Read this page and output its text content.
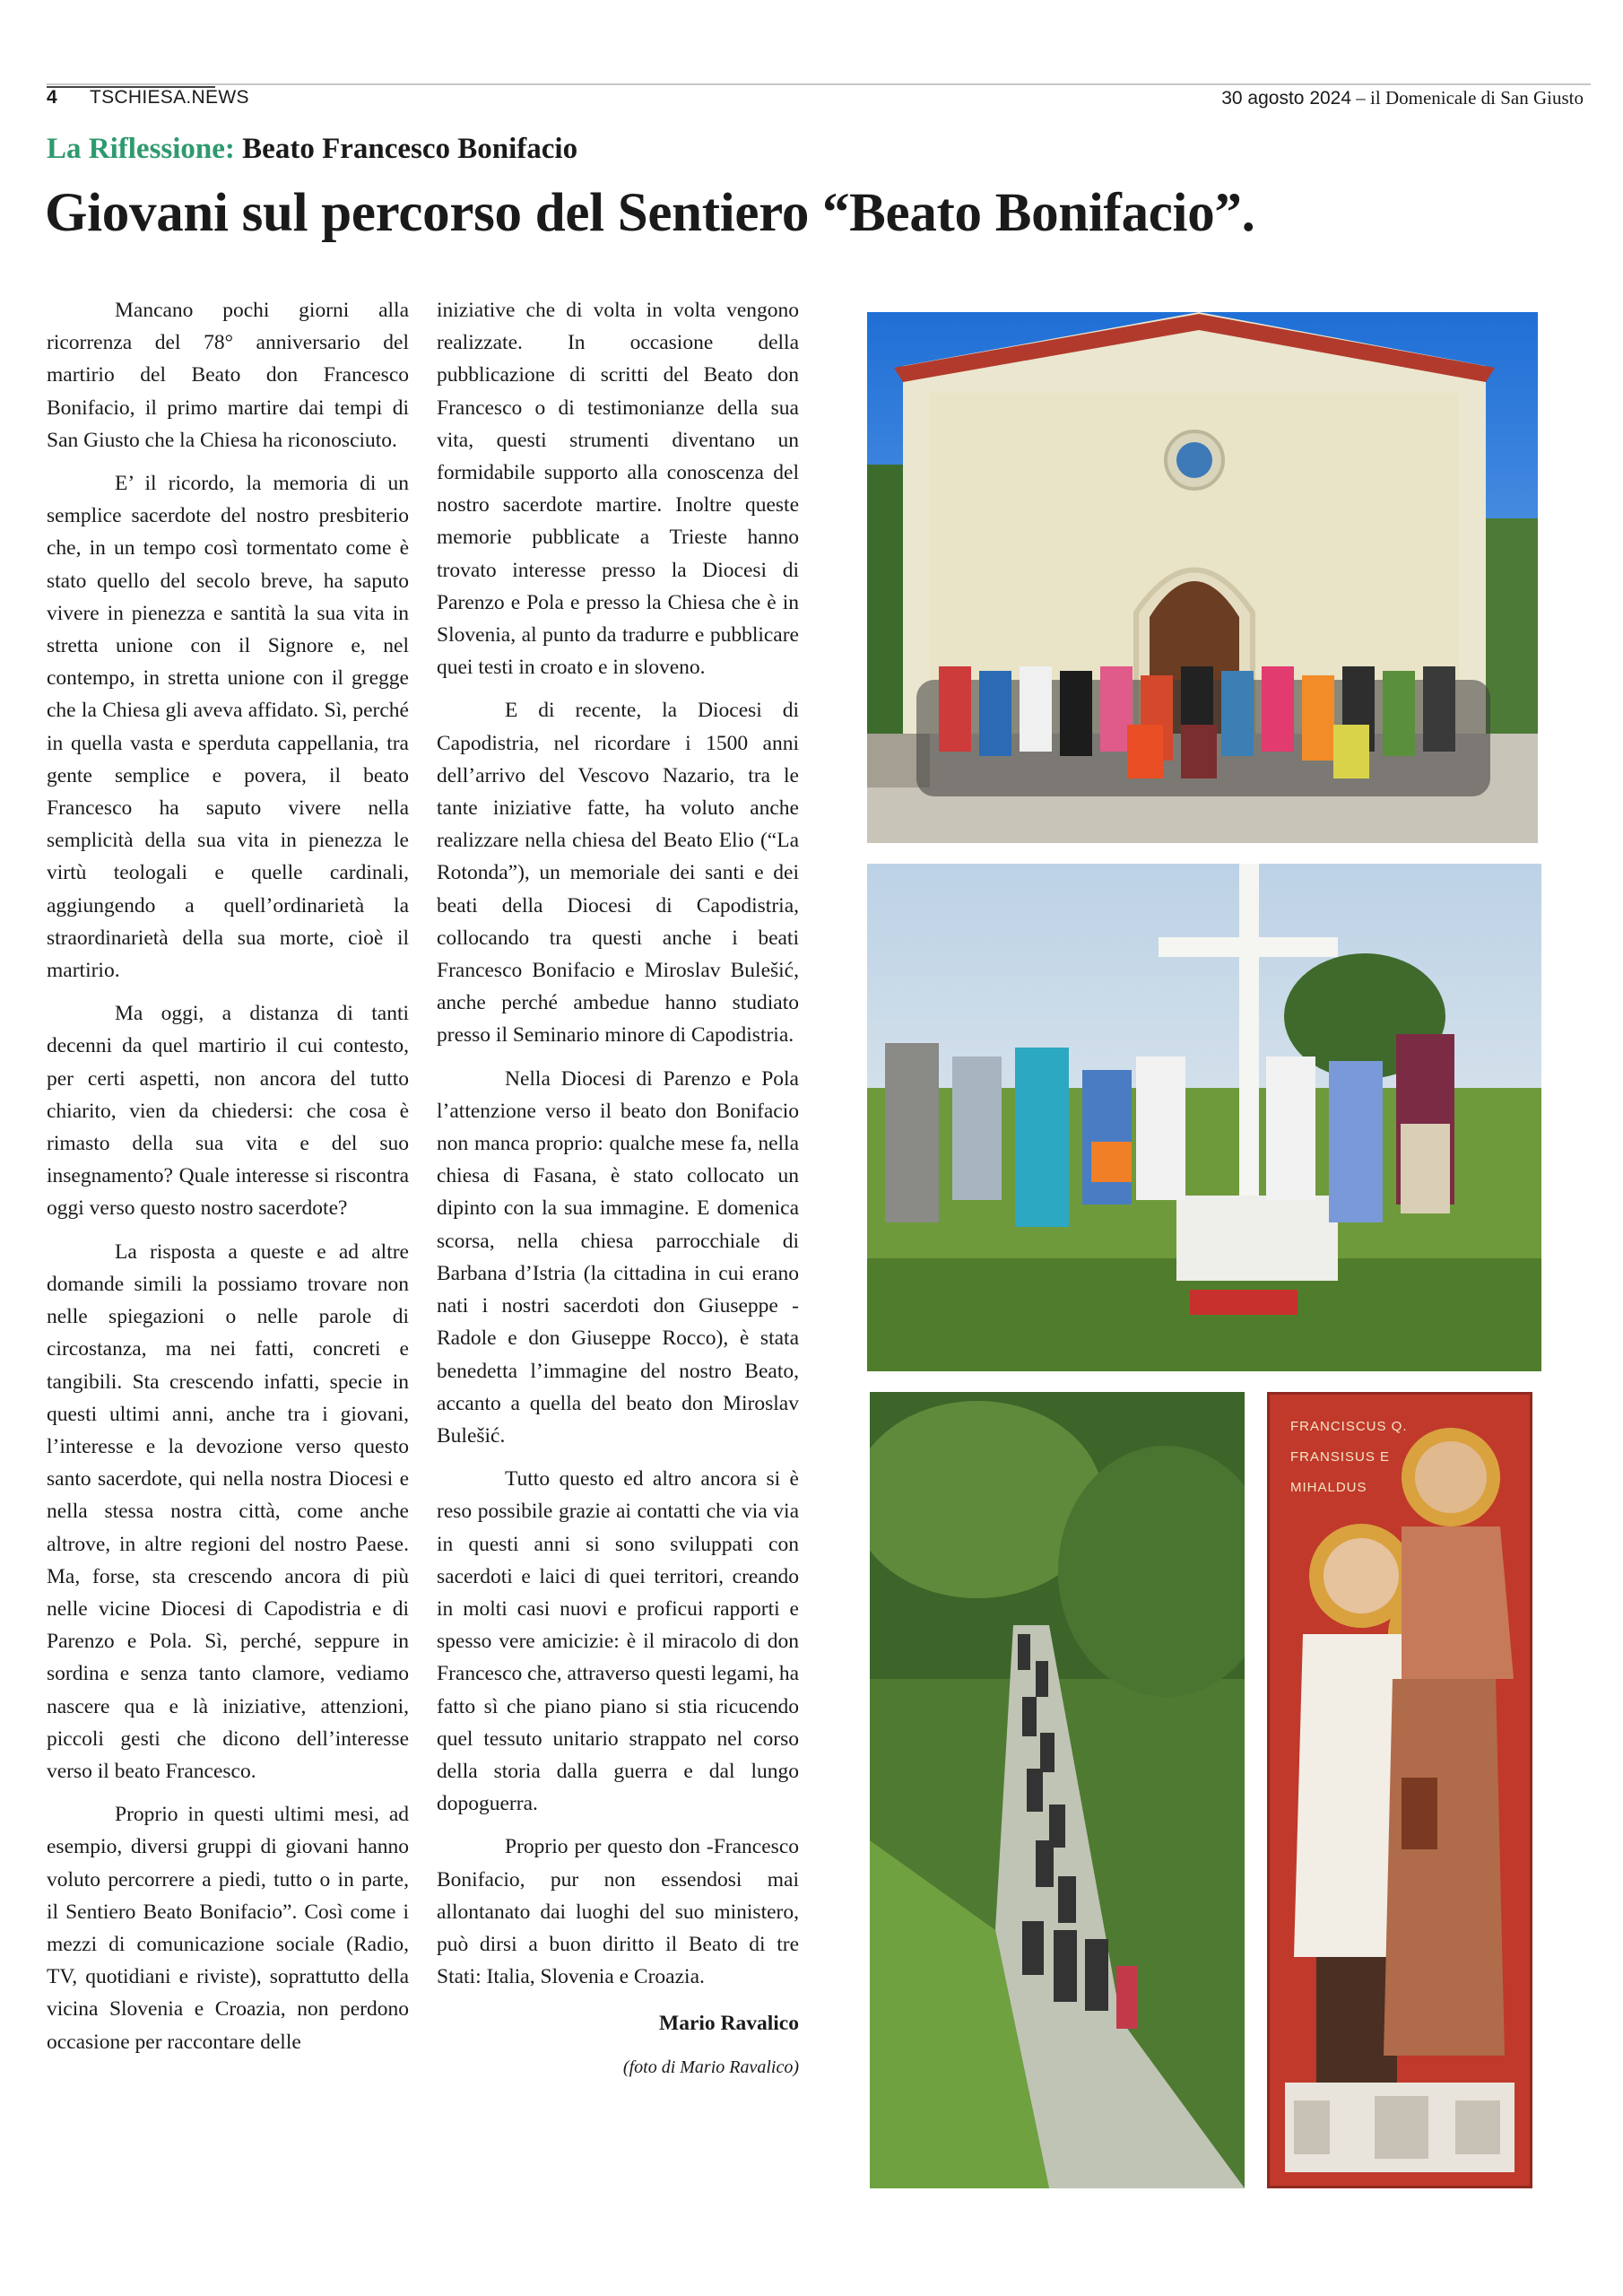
4 TSCHIESA.NEWS	30 agosto 2024 – il Domenicale di San Giusto
La Riflessione: Beato Francesco Bonifacio
Giovani sul percorso del Sentiero “Beato Bonifacio”.

Mancano pochi giorni alla ricorrenza del 78° anniversario del martirio del Beato don Francesco Bonifacio, il primo martire dai tempi di San Giusto che la Chiesa ha riconosciuto.

E’ il ricordo, la memoria di un semplice sacerdote del nostro presbiterio che, in un tempo così tormentato come è stato quello del secolo breve, ha saputo vivere in pienezza e santità la sua vita in stretta unione con il Signore e, nel contempo, in stretta unione con il gregge che la Chiesa gli aveva affidato. Sì, perché in quella vasta e sperduta cappellania, tra gente semplice e povera, il beato Francesco ha saputo vivere nella semplicità della sua vita in pienezza le virtù teologali e quelle cardinali, aggiungendo a quell’ordinarietà la straordinarietà della sua morte, cioè il martirio.

Ma oggi, a distanza di tanti decenni da quel martirio il cui contesto, per certi aspetti, non ancora del tutto chiarito, vien da chiedersi: che cosa è rimasto della sua vita e del suo insegnamento? Quale interesse si riscontra oggi verso questo nostro sacerdote?

La risposta a queste e ad altre domande simili la possiamo trovare non nelle spiegazioni o nelle parole di circostanza, ma nei fatti, concreti e tangibili. Sta crescendo infatti, specie in questi ultimi anni, anche tra i giovani, l’interesse e la devozione verso questo santo sacerdote, qui nella nostra Diocesi e nella stessa nostra città, come anche altrove, in altre regioni del nostro Paese. Ma, forse, sta crescendo ancora di più nelle vicine Diocesi di Capodistria e di Parenzo e Pola. Sì, perché, seppure in sordina e senza tanto clamore, vediamo nascere qua e là iniziative, attenzioni, piccoli gesti che dicono dell’interesse verso il beato Francesco.

Proprio in questi ultimi mesi, ad esempio, diversi gruppi di giovani hanno voluto percorrere a piedi, tutto o in parte, il Sentiero Beato Bonifacio”. Così come i mezzi di comunicazione sociale (Radio, TV, quotidiani e riviste), soprattutto della vicina Slovenia e Croazia, non perdono occasione per raccontare delle

iniziative che di volta in volta vengono realizzate. In occasione della pubblicazione di scritti del Beato don Francesco o di testimonianze della sua vita, questi strumenti diventano un formidabile supporto alla conoscenza del nostro sacerdote martire. Inoltre queste memorie pubblicate a Trieste hanno trovato interesse presso la Diocesi di Parenzo e Pola e presso la Chiesa che è in Slovenia, al punto da tradurre e pubblicare quei testi in croato e in sloveno.

E di recente, la Diocesi di Capodistria, nel ricordare i 1500 anni dell’arrivo del Vescovo Nazario, tra le tante iniziative fatte, ha voluto anche realizzare nella chiesa del Beato Elio (“La Rotonda”), un memoriale dei santi e dei beati della Diocesi di Capodistria, collocando tra questi anche i beati Francesco Bonifacio e Miroslav Bulešić, anche perché ambedue hanno studiato presso il Seminario minore di Capodistria.

Nella Diocesi di Parenzo e Pola l’attenzione verso il beato don Bonifacio non manca proprio: qualche mese fa, nella chiesa di Fasana, è stato collocato un dipinto con la sua immagine. E domenica scorsa, nella chiesa parrocchiale di Barbana d’Istria (la cittadina in cui erano nati i nostri sacerdoti don Giuseppe -Radole e don Giuseppe Rocco), è stata benedetta l’immagine del nostro Beato, accanto a quella del beato don Miroslav Bulešić.

Tutto questo ed altro ancora si è reso possibile grazie ai contatti che via via in questi anni si sono sviluppati con sacerdoti e laici di quei territori, creando in molti casi nuovi e proficui rapporti e spesso vere amicizie: è il miracolo di don Francesco che, attraverso questi legami, ha fatto sì che piano piano si stia ricucendo quel tessuto unitario strappato nel corso della storia dalla guerra e dal lungo dopoguerra.

Proprio per questo don -Francesco Bonifacio, pur non essendosi mai allontanato dai luoghi del suo ministero, può dirsi a buon diritto il Beato di tre Stati: Italia, Slovenia e Croazia.

Mario Ravalico

(foto di Mario Ravalico)

FRANCISCUS Q.
FRANSISUS E
MIHALDUS
